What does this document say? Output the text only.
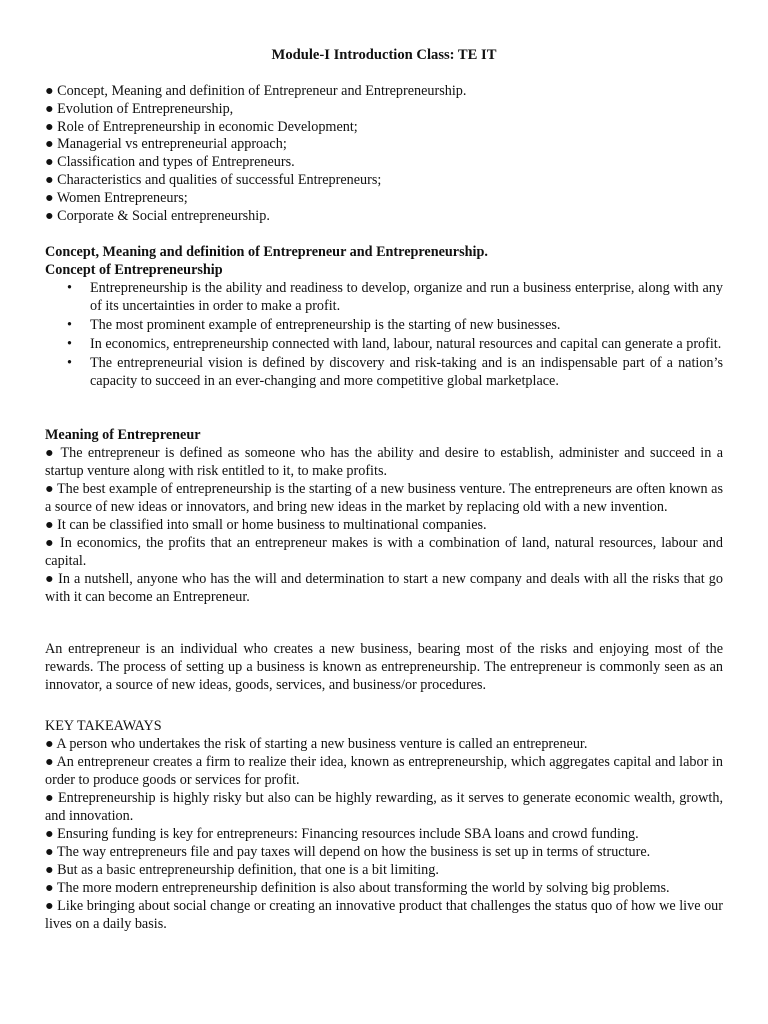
Module-I Introduction Class: TE IT
● Concept, Meaning and definition of Entrepreneur and Entrepreneurship.
● Evolution of Entrepreneurship,
● Role of Entrepreneurship in economic Development;
● Managerial vs entrepreneurial approach;
● Classification and types of Entrepreneurs.
● Characteristics and qualities of successful Entrepreneurs;
● Women Entrepreneurs;
● Corporate & Social entrepreneurship.
Concept, Meaning and definition of Entrepreneur and Entrepreneurship.
Concept of Entrepreneurship
• Entrepreneurship is the ability and readiness to develop, organize and run a business enterprise, along with any of its uncertainties in order to make a profit.
• The most prominent example of entrepreneurship is the starting of new businesses.
• In economics, entrepreneurship connected with land, labour, natural resources and capital can generate a profit.
• The entrepreneurial vision is defined by discovery and risk-taking and is an indispensable part of a nation’s capacity to succeed in an ever-changing and more competitive global marketplace.
Meaning of Entrepreneur

● The entrepreneur is defined as someone who has the ability and desire to establish, administer and succeed in a startup venture along with risk entitled to it, to make profits.

● The best example of entrepreneurship is the starting of a new business venture. The entrepreneurs are often known as a source of new ideas or innovators, and bring new ideas in the market by replacing old with a new invention.

● It can be classified into small or home business to multinational companies.

● In economics, the profits that an entrepreneur makes is with a combination of land, natural resources, labour and capital.

● In a nutshell, anyone who has the will and determination to start a new company and deals with all the risks that go with it can become an Entrepreneur.

An entrepreneur is an individual who creates a new business, bearing most of the risks and enjoying most of the rewards. The process of setting up a business is known as entrepreneurship. The entrepreneur is commonly seen as an innovator, a source of new ideas, goods, services, and business/or procedures.
KEY TAKEAWAYS

● A person who undertakes the risk of starting a new business venture is called an entrepreneur.

● An entrepreneur creates a firm to realize their idea, known as entrepreneurship, which aggregates capital and labor in order to produce goods or services for profit.

● Entrepreneurship is highly risky but also can be highly rewarding, as it serves to generate economic wealth, growth, and innovation.

● Ensuring funding is key for entrepreneurs: Financing resources include SBA loans and crowd funding.

● The way entrepreneurs file and pay taxes will depend on how the business is set up in terms of structure.

● But as a basic entrepreneurship definition, that one is a bit limiting.

● The more modern entrepreneurship definition is also about transforming the world by solving big problems.

● Like bringing about social change or creating an innovative product that challenges the status quo of how we live our lives on a daily basis.
